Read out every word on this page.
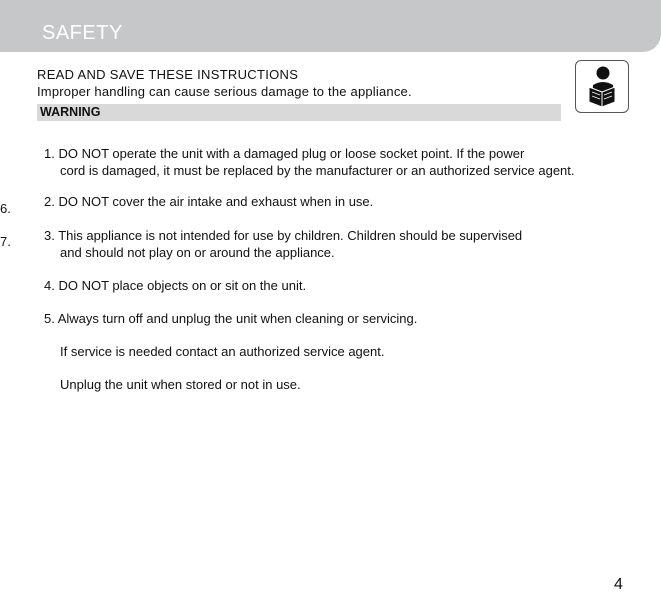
SAFETY
READ AND SAVE THESE INSTRUCTIONS
Improper handling can cause serious damage to the appliance.
WARNING
1. DO NOT operate the unit with a damaged plug or loose socket point. If the power
cord is damaged, it must be replaced by the manufacturer or an authorized service agent.
2. DO NOT cover the air intake and exhaust when in use.
3. This appliance is not intended for use by children. Children should be supervised
and should not play on or around the appliance.
4. DO NOT place objects on or sit on the unit.
5. Always turn off and unplug the unit when cleaning or servicing.
If service is needed contact an authorized service agent.
Unplug the unit when stored or not in use.
6.
7.
4
